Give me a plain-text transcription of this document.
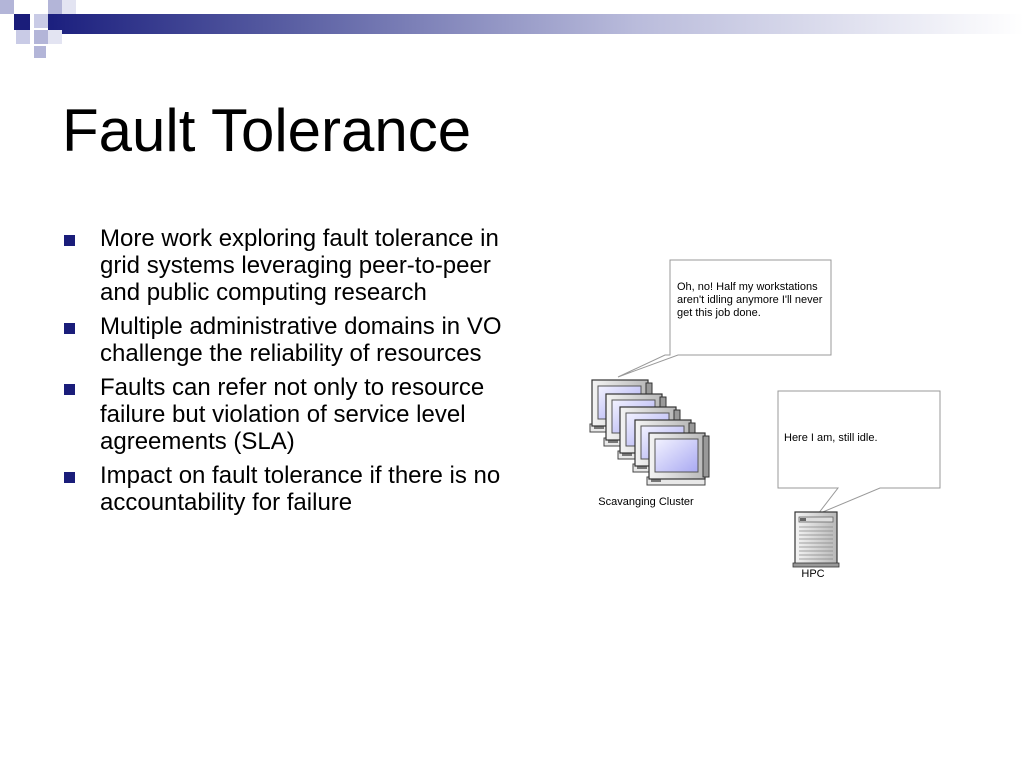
Fault Tolerance
More work exploring fault tolerance in grid systems leveraging peer-to-peer and public computing research
Multiple administrative domains in VO challenge the reliability of resources
Faults can refer not only to resource failure but violation of service level agreements (SLA)
Impact on fault tolerance if there is no accountability for failure
Oh, no! Half my workstations aren't idling anymore I'll never get this job done.
Here I am, still idle.
Scavanging Cluster
HPC
